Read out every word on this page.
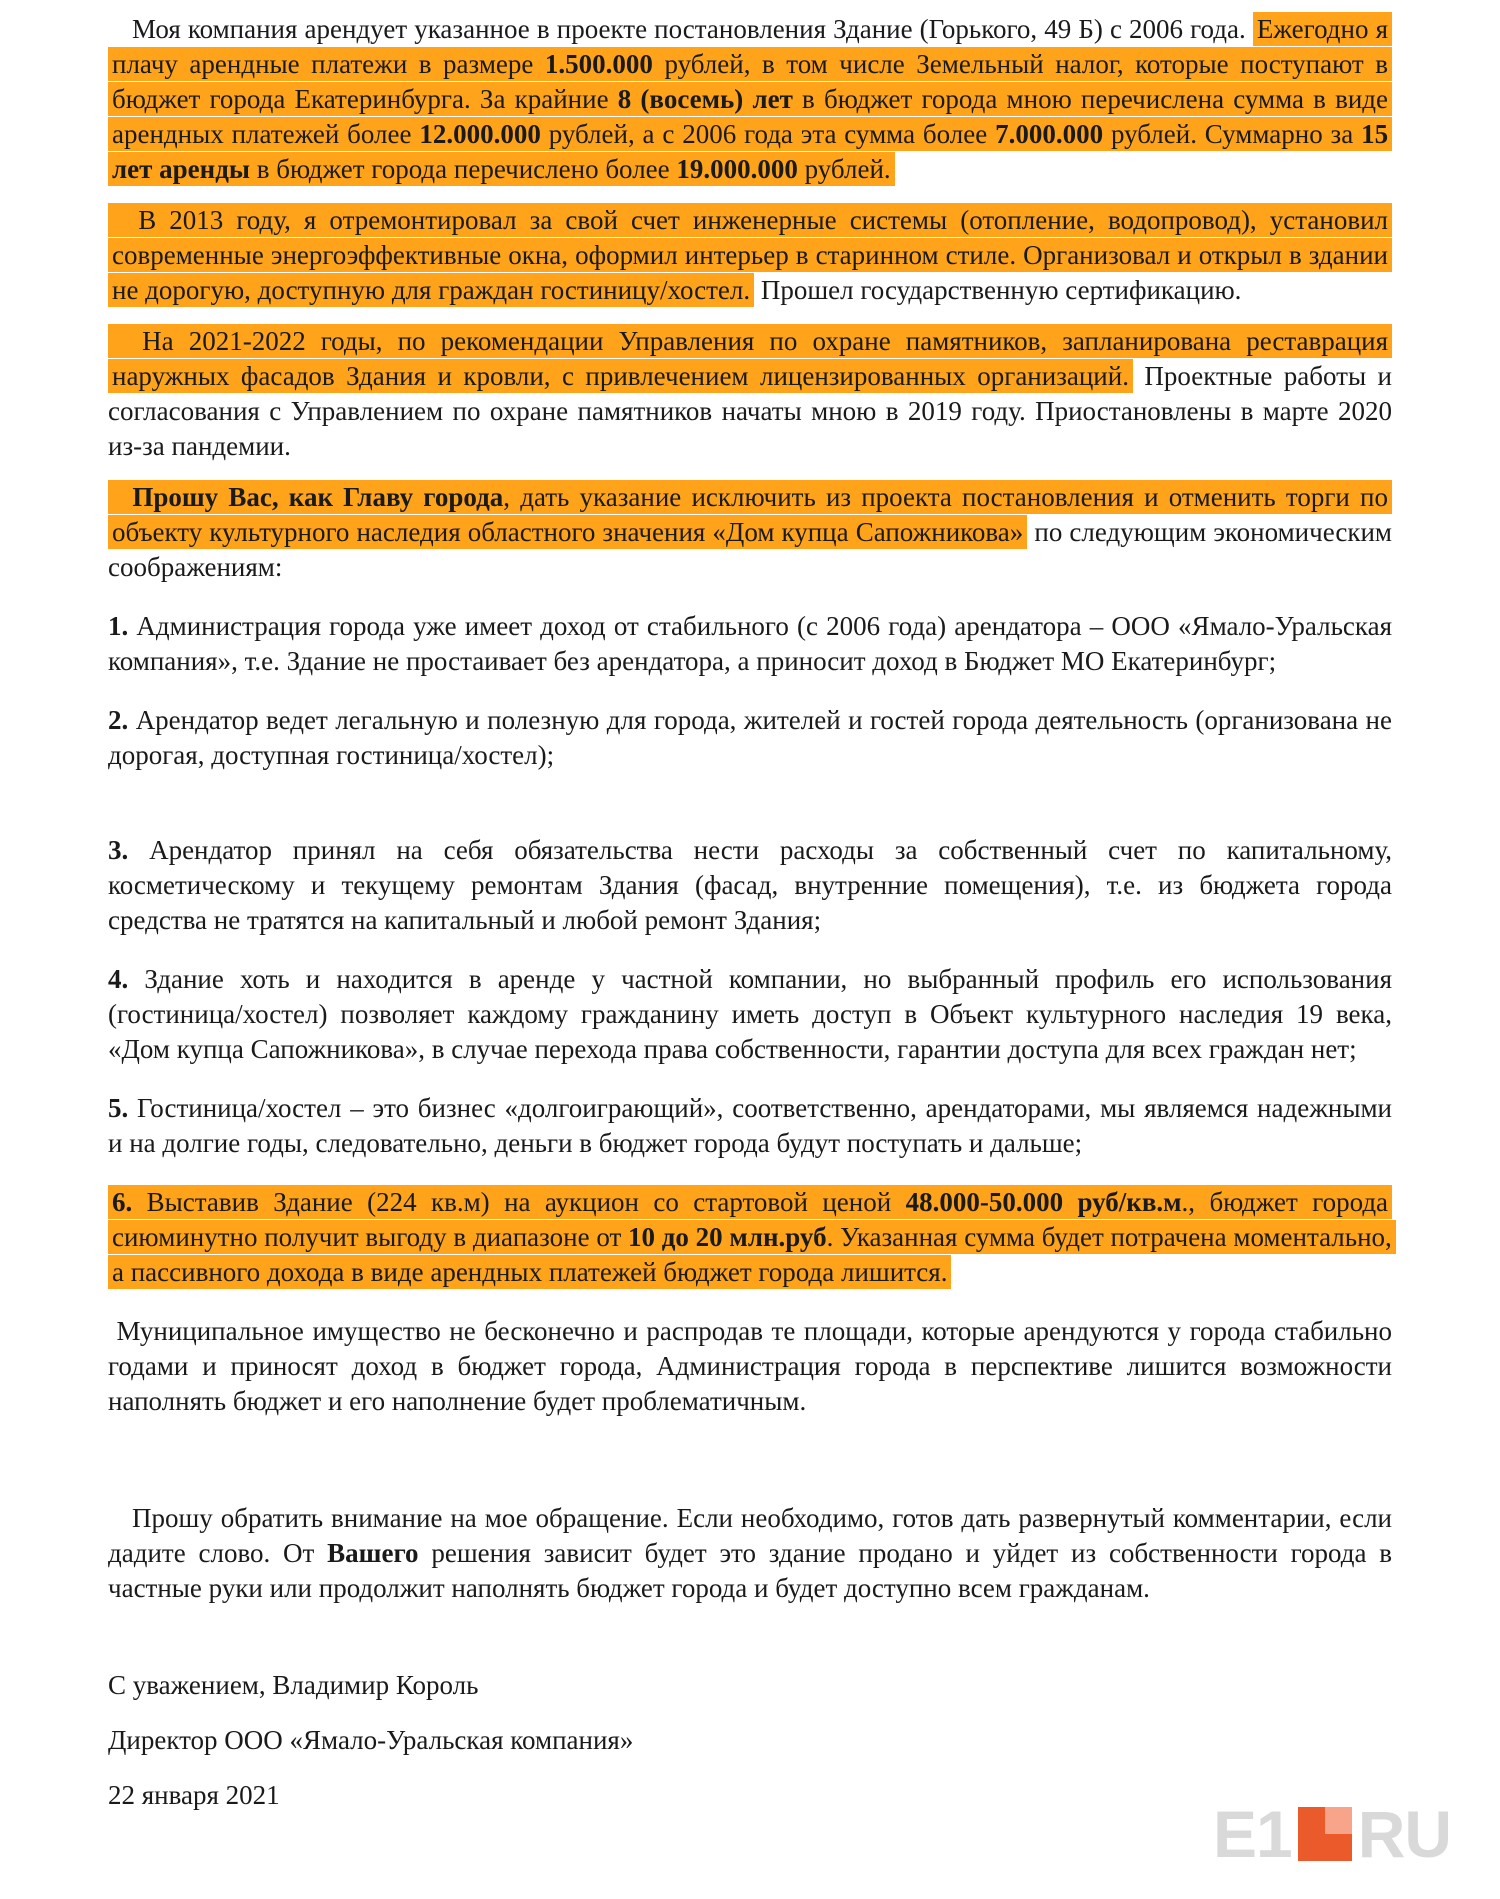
Моя компания арендует указанное в проекте постановления Здание (Горького, 49 Б) с 2006 года. Ежегодно я плачу арендные платежи в размере 1.500.000 рублей, в том числе Земельный налог, которые поступают в бюджет города Екатеринбурга. За крайние 8 (восемь) лет в бюджет города мною перечислена сумма в виде арендных платежей более 12.000.000 рублей, а с 2006 года эта сумма более 7.000.000 рублей. Суммарно за 15 лет аренды в бюджет города перечислено более 19.000.000 рублей.

В 2013 году, я отремонтировал за свой счет инженерные системы (отопление, водопровод), установил современные энергоэффективные окна, оформил интерьер в старинном стиле. Организовал и открыл в здании не дорогую, доступную для граждан гостиницу/хостел. Прошел государственную сертификацию.

На 2021-2022 годы, по рекомендации Управления по охране памятников, запланирована реставрация наружных фасадов Здания и кровли, с привлечением лицензированных организаций. Проектные работы и согласования с Управлением по охране памятников начаты мною в 2019 году. Приостановлены в марте 2020 из-за пандемии.

Прошу Вас, как Главу города, дать указание исключить из проекта постановления и отменить торги по объекту культурного наследия областного значения «Дом купца Сапожникова» по следующим экономическим соображениям:

1. Администрация города уже имеет доход от стабильного (с 2006 года) арендатора – ООО «Ямало-Уральская компания», т.е. Здание не простаивает без арендатора, а приносит доход в Бюджет МО Екатеринбург;

2. Арендатор ведет легальную и полезную для города, жителей и гостей города деятельность (организована не дорогая, доступная гостиница/хостел);

3. Арендатор принял на себя обязательства нести расходы за собственный счет по капитальному, косметическому и текущему ремонтам Здания (фасад, внутренние помещения), т.е. из бюджета города средства не тратятся на капитальный и любой ремонт Здания;

4. Здание хоть и находится в аренде у частной компании, но выбранный профиль его использования (гостиница/хостел) позволяет каждому гражданину иметь доступ в Объект культурного наследия 19 века, «Дом купца Сапожникова», в случае перехода права собственности, гарантии доступа для всех граждан нет;

5. Гостиница/хостел – это бизнес «долгоиграющий», соответственно, арендаторами, мы являемся надежными и на долгие годы, следовательно, деньги в бюджет города будут поступать и дальше;

6. Выставив Здание (224 кв.м) на аукцион со стартовой ценой 48.000-50.000 руб/кв.м., бюджет города сиюминутно получит выгоду в диапазоне от 10 до 20 млн.руб. Указанная сумма будет потрачена моментально, а пассивного дохода в виде арендных платежей бюджет города лишится.

Муниципальное имущество не бесконечно и распродав те площади, которые арендуются у города стабильно годами и приносят доход в бюджет города, Администрация города в перспективе лишится возможности наполнять бюджет и его наполнение будет проблематичным.

Прошу обратить внимание на мое обращение. Если необходимо, готов дать развернутый комментарии, если дадите слово. От Вашего решения зависит будет это здание продано и уйдет из собственности города в частные руки или продолжит наполнять бюджет города и будет доступно всем гражданам.

С уважением, Владимир Король

Директор ООО «Ямало-Уральская компания»

22 января 2021

E1 RU
